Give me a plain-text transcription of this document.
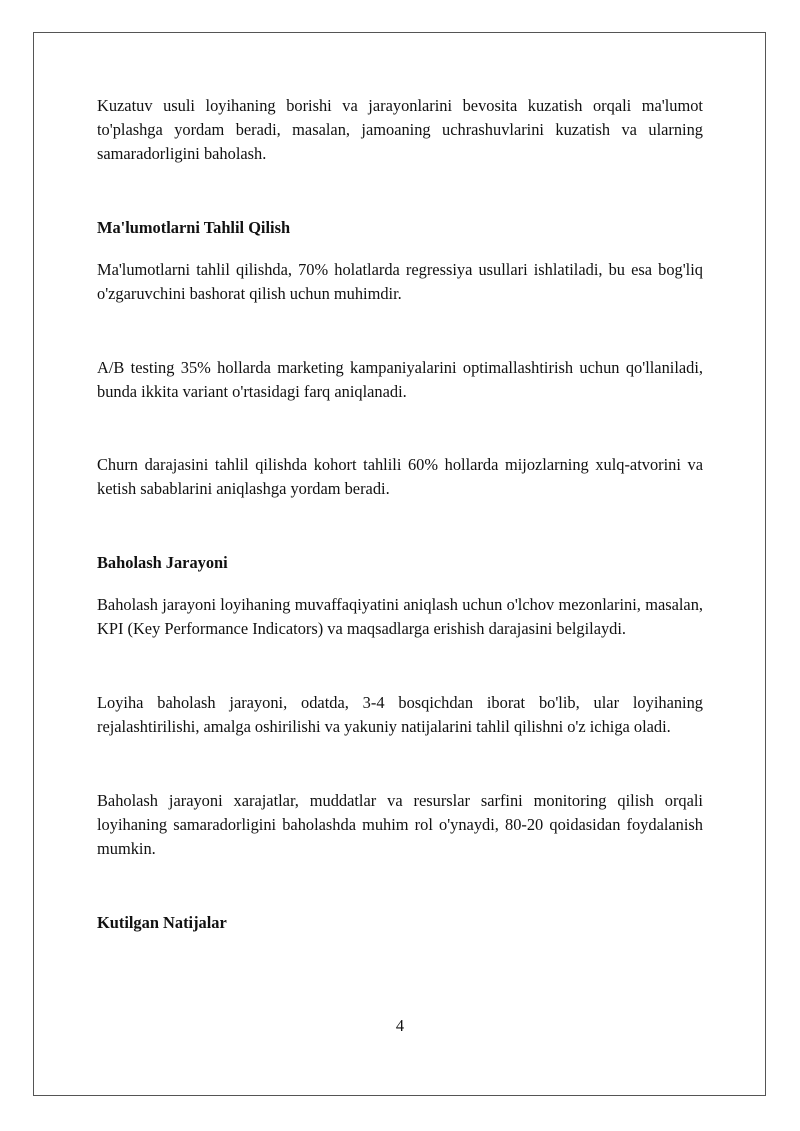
Kuzatuv usuli loyihaning borishi va jarayonlarini bevosita kuzatish orqali ma'lumot to'plashga yordam beradi, masalan, jamoaning uchrashuvlarini kuzatish va ularning samaradorligini baholash.

Ma'lumotlarni Tahlil Qilish

Ma'lumotlarni tahlil qilishda, 70% holatlarda regressiya usullari ishlatiladi, bu esa bog'liq o'zgaruvchini bashorat qilish uchun muhimdir.

A/B testing 35% hollarda marketing kampaniyalarini optimallashtirish uchun qo'llaniladi, bunda ikkita variant o'rtasidagi farq aniqlanadi.

Churn darajasini tahlil qilishda kohort tahlili 60% hollarda mijozlarning xulq-atvorini va ketish sabablarini aniqlashga yordam beradi.

Baholash Jarayoni

Baholash jarayoni loyihaning muvaffaqiyatini aniqlash uchun o'lchov mezonlarini, masalan, KPI (Key Performance Indicators) va maqsadlarga erishish darajasini belgilaydi.

Loyiha baholash jarayoni, odatda, 3-4 bosqichdan iborat bo'lib, ular loyihaning rejalashtirilishi, amalga oshirilishi va yakuniy natijalarini tahlil qilishni o'z ichiga oladi.

Baholash jarayoni xarajatlar, muddatlar va resurslar sarfini monitoring qilish orqali loyihaning samaradorligini baholashda muhim rol o'ynaydi, 80-20 qoidasidan foydalanish mumkin.

Kutilgan Natijalar

4
